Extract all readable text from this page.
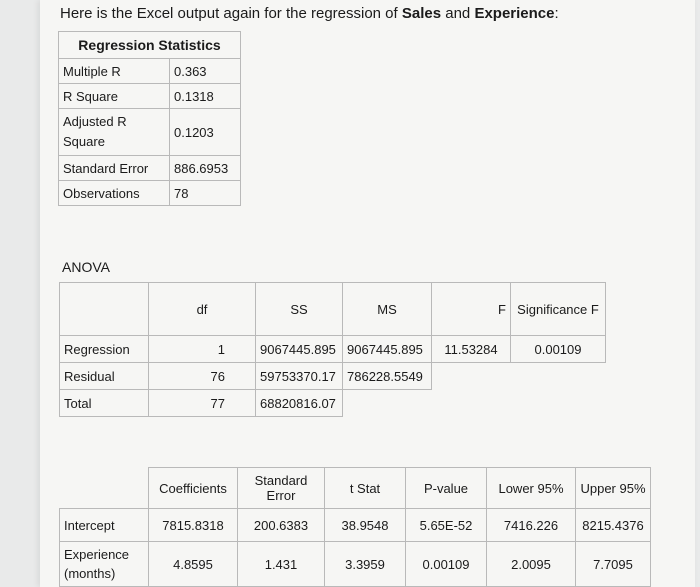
Here is the Excel output again for the regression of Sales and Experience:
Regression Statistics	
Multiple R	0.363
R Square	0.1318
Adjusted R Square	0.1203
Standard Error	886.6953
Observations	78
ANOVA
	df	SS	MS	F	Significance F
Regression	1	9067445.895	9067445.895	11.53284	0.00109
Residual	76	59753370.17	786228.5549		
Total	77	68820816.07			
	Coefficients	Standard Error	t Stat	P-value	Lower 95%	Upper 95%
Intercept	7815.8318	200.6383	38.9548	5.65E-52	7416.226	8215.4376
Experience (months)	4.8595	1.431	3.3959	0.00109	2.0095	7.7095
